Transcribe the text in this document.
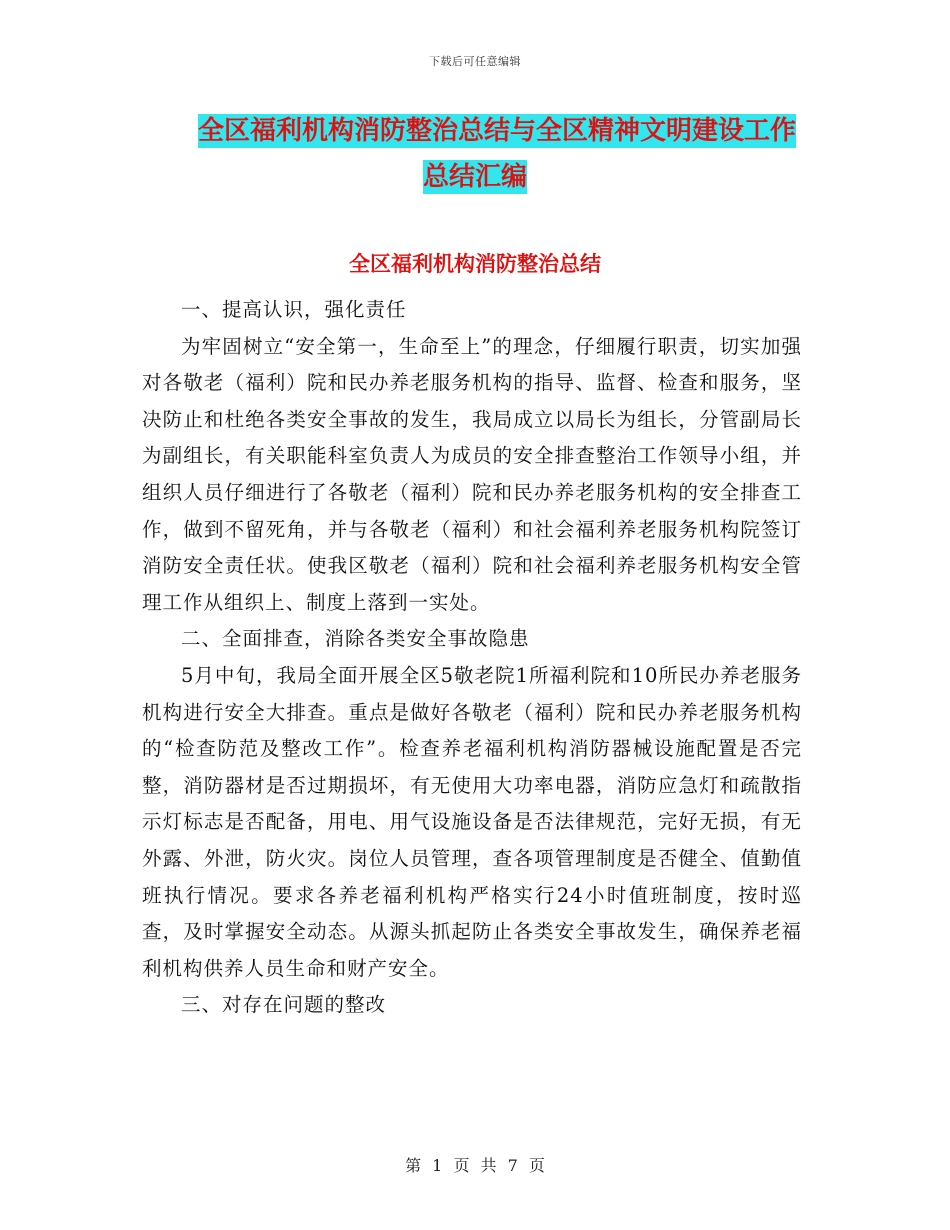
下载后可任意编辑
全区福利机构消防整治总结与全区精神文明建设工作
总结汇编
全区福利机构消防整治总结

一、提高认识，强化责任

为牢固树立“安全第一，生命至上”的理念，仔细履行职责，切实加强对各敬老（福利）院和民办养老服务机构的指导、监督、检查和服务，坚决防止和杜绝各类安全事故的发生，我局成立以局长为组长，分管副局长为副组长，有关职能科室负责人为成员的安全排查整治工作领导小组，并组织人员仔细进行了各敬老（福利）院和民办养老服务机构的安全排查工作，做到不留死角，并与各敬老（福利）和社会福利养老服务机构院签订消防安全责任状。使我区敬老（福利）院和社会福利养老服务机构安全管理工作从组织上、制度上落到一实处。

二、全面排查，消除各类安全事故隐患

5月中旬，我局全面开展全区5敬老院1所福利院和10所民办养老服务机构进行安全大排查。重点是做好各敬老（福利）院和民办养老服务机构的“检查防范及整改工作”。检查养老福利机构消防器械设施配置是否完整，消防器材是否过期损坏，有无使用大功率电器，消防应急灯和疏散指示灯标志是否配备，用电、用气设施设备是否法律规范，完好无损，有无外露、外泄，防火灾。岗位人员管理，查各项管理制度是否健全、值勤值班执行情况。要求各养老福利机构严格实行24小时值班制度，按时巡查，及时掌握安全动态。从源头抓起防止各类安全事故发生，确保养老福利机构供养人员生命和财产安全。

三、对存在问题的整改

第 1 页 共 7 页
